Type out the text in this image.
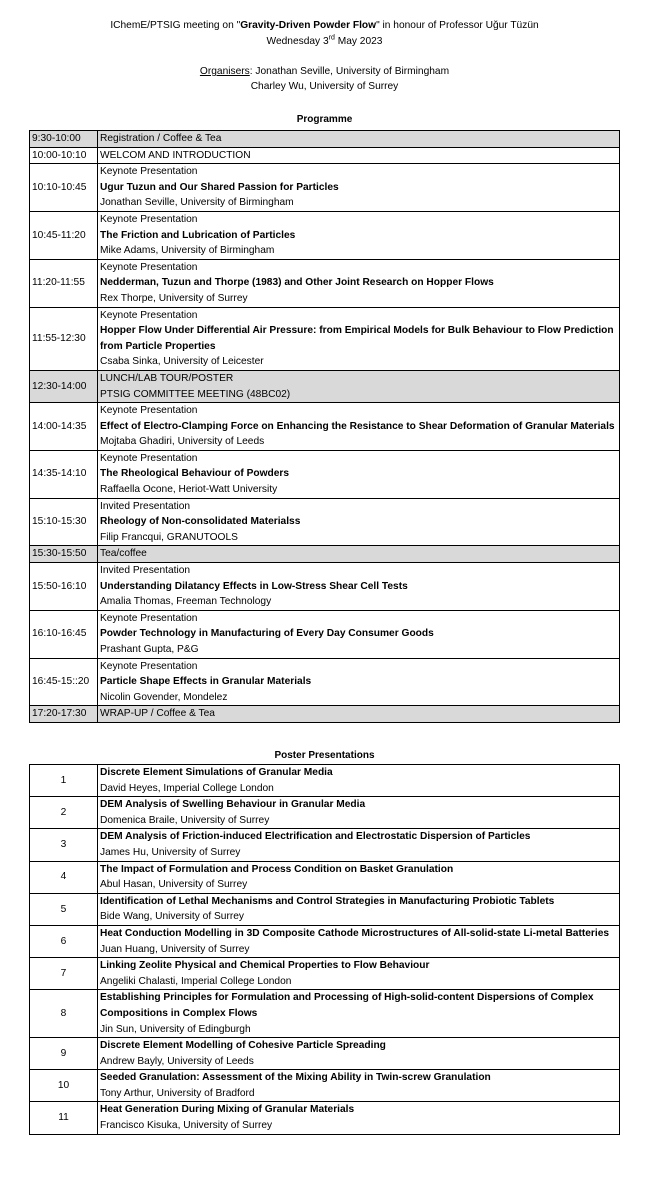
IChemE/PTSIG meeting on "Gravity-Driven Powder Flow" in honour of Professor Uğur Tüzün
Wednesday 3rd May 2023
Organisers: Jonathan Seville, University of Birmingham
Charley Wu, University of Surrey
Programme
9:30-10:00	Registration / Coffee & Tea

10:00-10:10	WELCOM AND INTRODUCTION

10:10-10:45	Keynote Presentation
Ugur Tuzun and Our Shared Passion for Particles
Jonathan Seville, University of Birmingham

10:45-11:20	Keynote Presentation
The Friction and Lubrication of Particles
Mike Adams, University of Birmingham

11:20-11:55	Keynote Presentation
Nedderman, Tuzun and Thorpe (1983) and Other Joint Research on Hopper Flows
Rex Thorpe, University of Surrey

11:55-12:30	Keynote Presentation
Hopper Flow Under Differential Air Pressure: from Empirical Models for Bulk Behaviour to Flow Prediction from Particle Properties
Csaba Sinka, University of Leicester

12:30-14:00	LUNCH/LAB TOUR/POSTER
PTSIG COMMITTEE MEETING (48BC02)

14:00-14:35	Keynote Presentation
Effect of Electro-Clamping Force on Enhancing the Resistance to Shear Deformation of Granular Materials
Mojtaba Ghadiri, University of Leeds

14:35-14:10	Keynote Presentation
The Rheological Behaviour of Powders
Raffaella Ocone, Heriot-Watt University

15:10-15:30	Invited Presentation
Rheology of Non-consolidated Materialss
Filip Francqui, GRANUTOOLS

15:30-15:50	Tea/coffee

15:50-16:10	Invited Presentation
Understanding Dilatancy Effects in Low-Stress Shear Cell Tests
Amalia Thomas, Freeman Technology

16:10-16:45	Keynote Presentation
Powder Technology in Manufacturing of Every Day Consumer Goods
Prashant Gupta, P&G

16:45-15::20	Keynote Presentation
Particle Shape Effects in Granular Materials
Nicolin Govender, Mondelez

17:20-17:30	WRAP-UP / Coffee & Tea
Poster Presentations
1	Discrete Element Simulations of Granular Media
David Heyes, Imperial College London

2	DEM Analysis of Swelling Behaviour in Granular Media
Domenica Braile, University of Surrey

3	DEM Analysis of Friction-induced Electrification and Electrostatic Dispersion of Particles
James Hu, University of Surrey

4	The Impact of Formulation and Process Condition on Basket Granulation
Abul Hasan, University of Surrey

5	Identification of Lethal Mechanisms and Control Strategies in Manufacturing Probiotic Tablets
Bide Wang, University of Surrey

6	Heat Conduction Modelling in 3D Composite Cathode Microstructures of All-solid-state Li-metal Batteries
Juan Huang, University of Surrey

7	Linking Zeolite Physical and Chemical Properties to Flow Behaviour
Angeliki Chalasti, Imperial College London

8	Establishing Principles for Formulation and Processing of High-solid-content Dispersions of Complex Compositions in Complex Flows
Jin Sun, University of Edingburgh

9	Discrete Element Modelling of Cohesive Particle Spreading
Andrew Bayly, University of Leeds

10	Seeded Granulation: Assessment of the Mixing Ability in Twin-screw Granulation
Tony Arthur, University of Bradford

11	Heat Generation During Mixing of Granular Materials
Francisco Kisuka, University of Surrey
